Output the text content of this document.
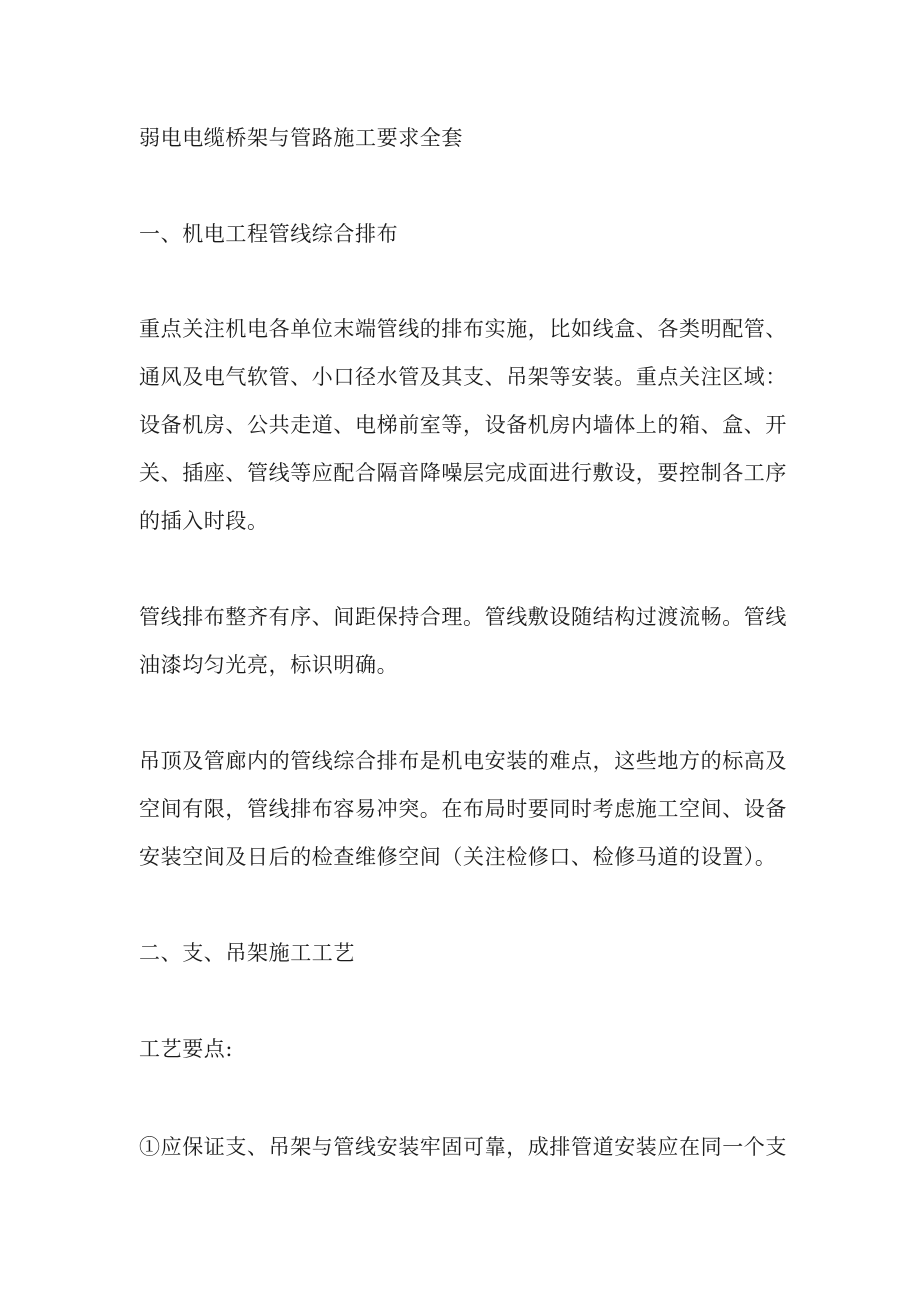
弱电电缆桥架与管路施工要求全套
一、机电工程管线综合排布
重点关注机电各单位末端管线的排布实施，比如线盒、各类明配管、
通风及电气软管、小口径水管及其支、吊架等安装。重点关注区域：
设备机房、公共走道、电梯前室等，设备机房内墙体上的箱、盒、开
关、插座、管线等应配合隔音降噪层完成面进行敷设，要控制各工序
的插入时段。
管线排布整齐有序、间距保持合理。管线敷设随结构过渡流畅。管线
油漆均匀光亮，标识明确。
吊顶及管廊内的管线综合排布是机电安装的难点，这些地方的标高及
空间有限，管线排布容易冲突。在布局时要同时考虑施工空间、设备
安装空间及日后的检查维修空间（关注检修口、检修马道的设置）。
二、支、吊架施工工艺
工艺要点:
①应保证支、吊架与管线安装牢固可靠，成排管道安装应在同一个支
